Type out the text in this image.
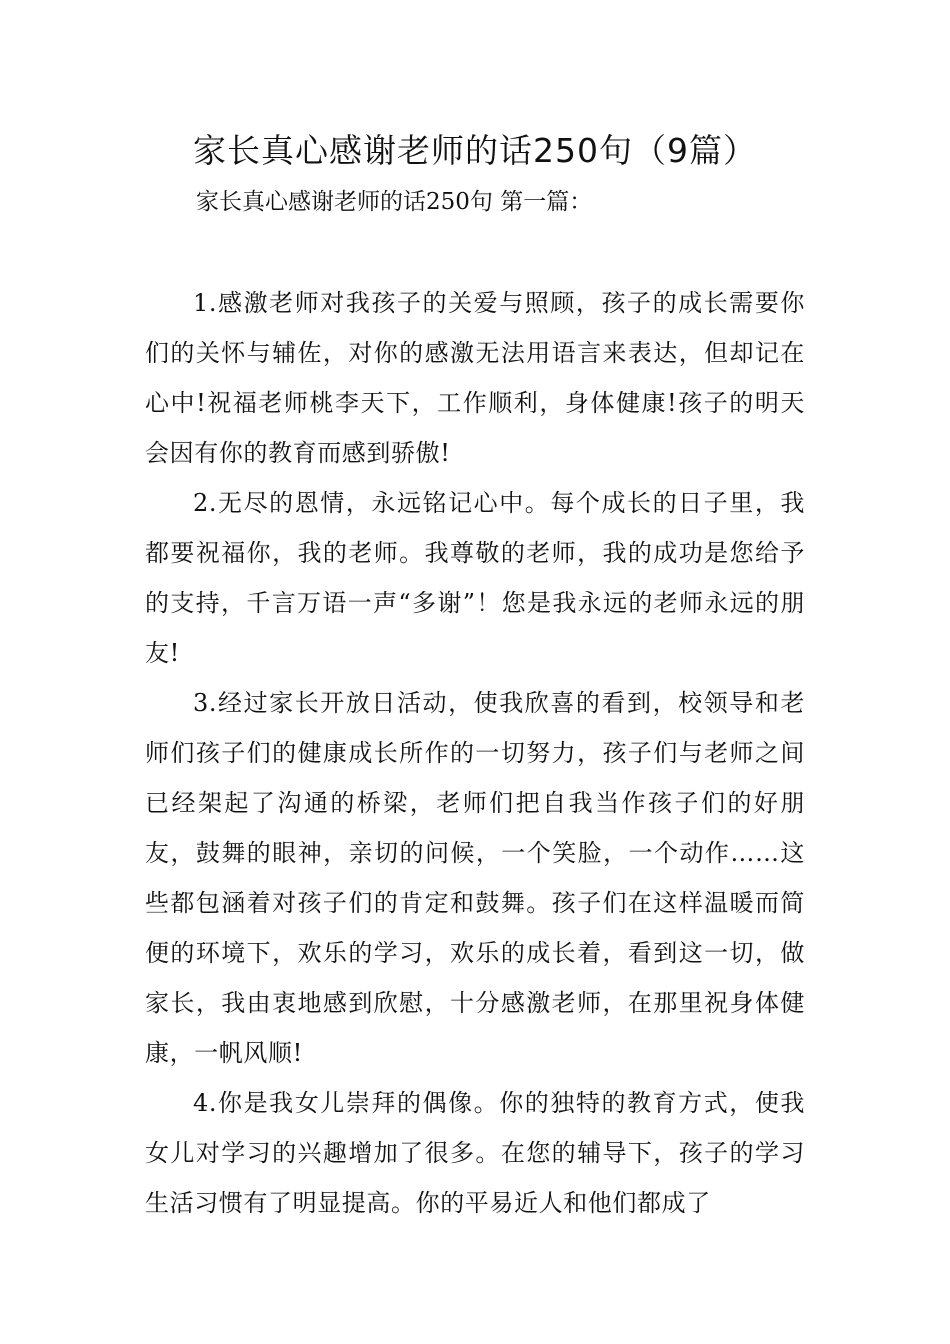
家长真心感谢老师的话250句（9篇）

家长真心感谢老师的话250句 第一篇：

1.感激老师对我孩子的关爱与照顾，孩子的成长需要你们的关怀与辅佐，对你的感激无法用语言来表达，但却记在心中!祝福老师桃李天下，工作顺利，身体健康!孩子的明天会因有你的教育而感到骄傲!

2.无尽的恩情，永远铭记心中。每个成长的日子里，我都要祝福你，我的老师。我尊敬的老师，我的成功是您给予的支持，千言万语一声“多谢”！您是我永远的老师永远的朋友!

3.经过家长开放日活动，使我欣喜的看到，校领导和老师们孩子们的健康成长所作的一切努力，孩子们与老师之间已经架起了沟通的桥梁，老师们把自我当作孩子们的好朋友，鼓舞的眼神，亲切的问候，一个笑脸，一个动作……这些都包涵着对孩子们的肯定和鼓舞。孩子们在这样温暖而简便的环境下，欢乐的学习，欢乐的成长着，看到这一切，做家长，我由衷地感到欣慰，十分感激老师，在那里祝身体健康，一帆风顺!

4.你是我女儿崇拜的偶像。你的独特的教育方式，使我女儿对学习的兴趣增加了很多。在您的辅导下，孩子的学习生活习惯有了明显提高。你的平易近人和他们都成了
